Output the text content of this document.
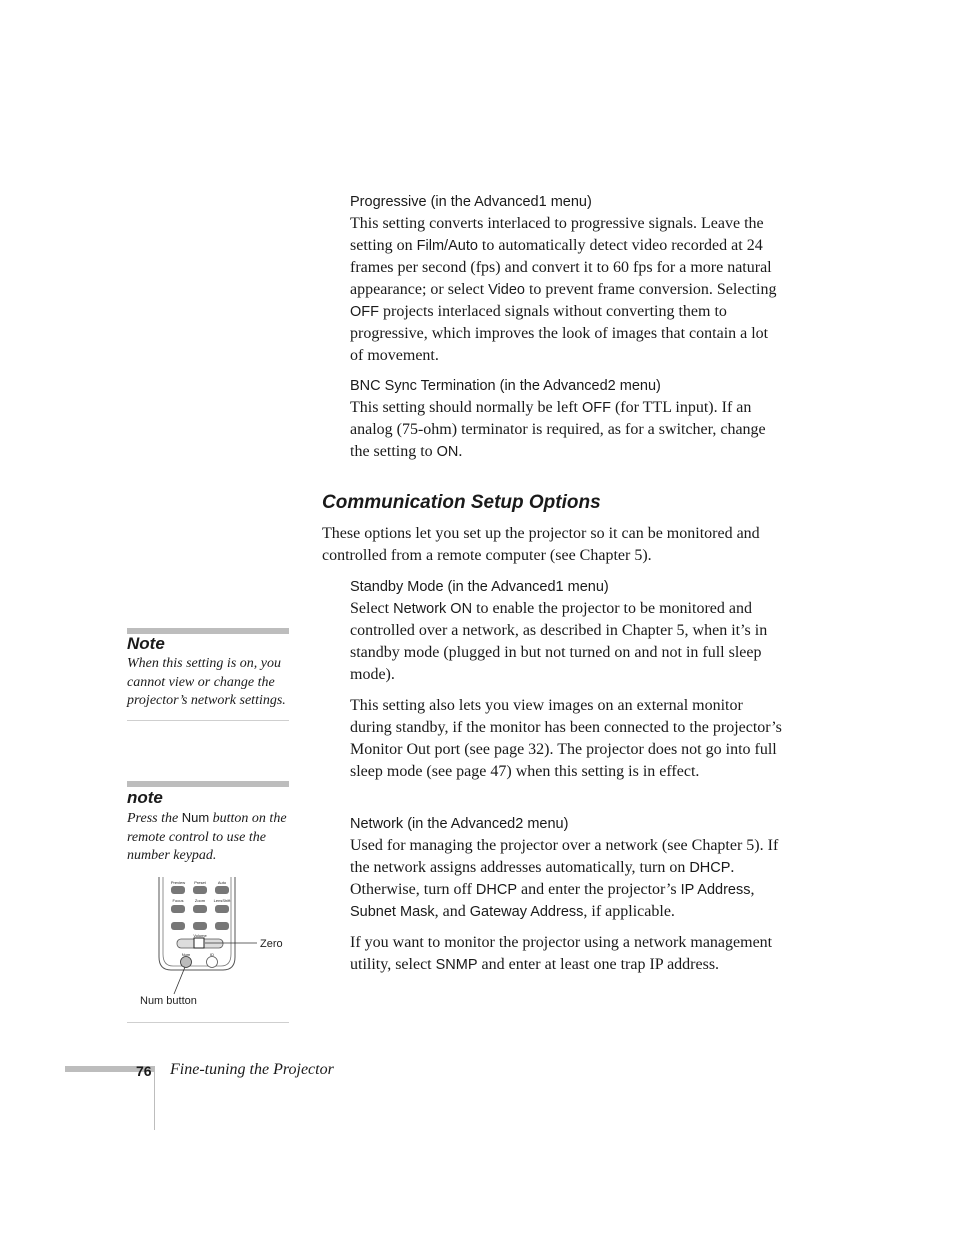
Progressive (in the Advanced1 menu)

This setting converts interlaced to progressive signals. Leave the setting on Film/Auto to automatically detect video recorded at 24 frames per second (fps) and convert it to 60 fps for a more natural appearance; or select Video to prevent frame conversion. Selecting OFF projects interlaced signals without converting them to progressive, which improves the look of images that contain a lot of movement.

BNC Sync Termination (in the Advanced2 menu)

This setting should normally be left OFF (for TTL input). If an analog (75-ohm) terminator is required, as for a switcher, change the setting to ON.

Communication Setup Options

These options let you set up the projector so it can be monitored and controlled from a remote computer (see Chapter 5).

Standby Mode (in the Advanced1 menu)

Select Network ON to enable the projector to be monitored and controlled over a network, as described in Chapter 5, when it’s in standby mode (plugged in but not turned on and not in full sleep mode).

This setting also lets you view images on an external monitor during standby, if the monitor has been connected to the projector’s Monitor Out port (see page 32). The projector does not go into full sleep mode (see page 47) when this setting is in effect.

Network (in the Advanced2 menu)

Used for managing the projector over a network (see Chapter 5). If the network assigns addresses automatically, turn on DHCP. Otherwise, turn off DHCP and enter the projector’s IP Address, Subnet Mask, and Gateway Address, if applicable.

If you want to monitor the projector using a network management utility, select SNMP and enter at least one trap IP address.

Note

When this setting is on, you cannot view or change the projector’s network settings.

note

Press the Num button on the remote control to use the number keypad.

Preview Preset	Auto
Focus	Zoom LensShift
Volume
Num	ID
Zero
Num button
76 Fine-tuning the Projector
